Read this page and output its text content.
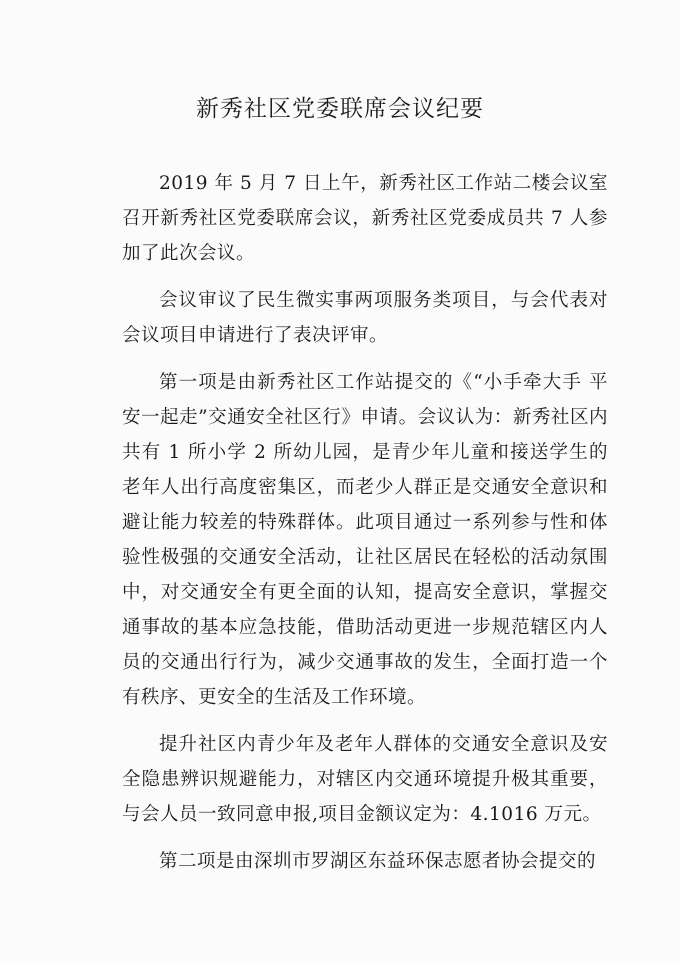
新秀社区党委联席会议纪要

2019 年 5 月 7 日上午，新秀社区工作站二楼会议室召开新秀社区党委联席会议，新秀社区党委成员共 7 人参加了此次会议。

会议审议了民生微实事两项服务类项目，与会代表对会议项目申请进行了表决评审。

第一项是由新秀社区工作站提交的《“小手牵大手 平安一起走”交通安全社区行》申请。会议认为：新秀社区内共有 1 所小学 2 所幼儿园，是青少年儿童和接送学生的老年人出行高度密集区，而老少人群正是交通安全意识和避让能力较差的特殊群体。此项目通过一系列参与性和体验性极强的交通安全活动，让社区居民在轻松的活动氛围中，对交通安全有更全面的认知，提高安全意识，掌握交通事故的基本应急技能，借助活动更进一步规范辖区内人员的交通出行行为，减少交通事故的发生，全面打造一个有秩序、更安全的生活及工作环境。

提升社区内青少年及老年人群体的交通安全意识及安全隐患辨识规避能力，对辖区内交通环境提升极其重要，与会人员一致同意申报,项目金额议定为：4.1016 万元。

第二项是由深圳市罗湖区东益环保志愿者协会提交的
